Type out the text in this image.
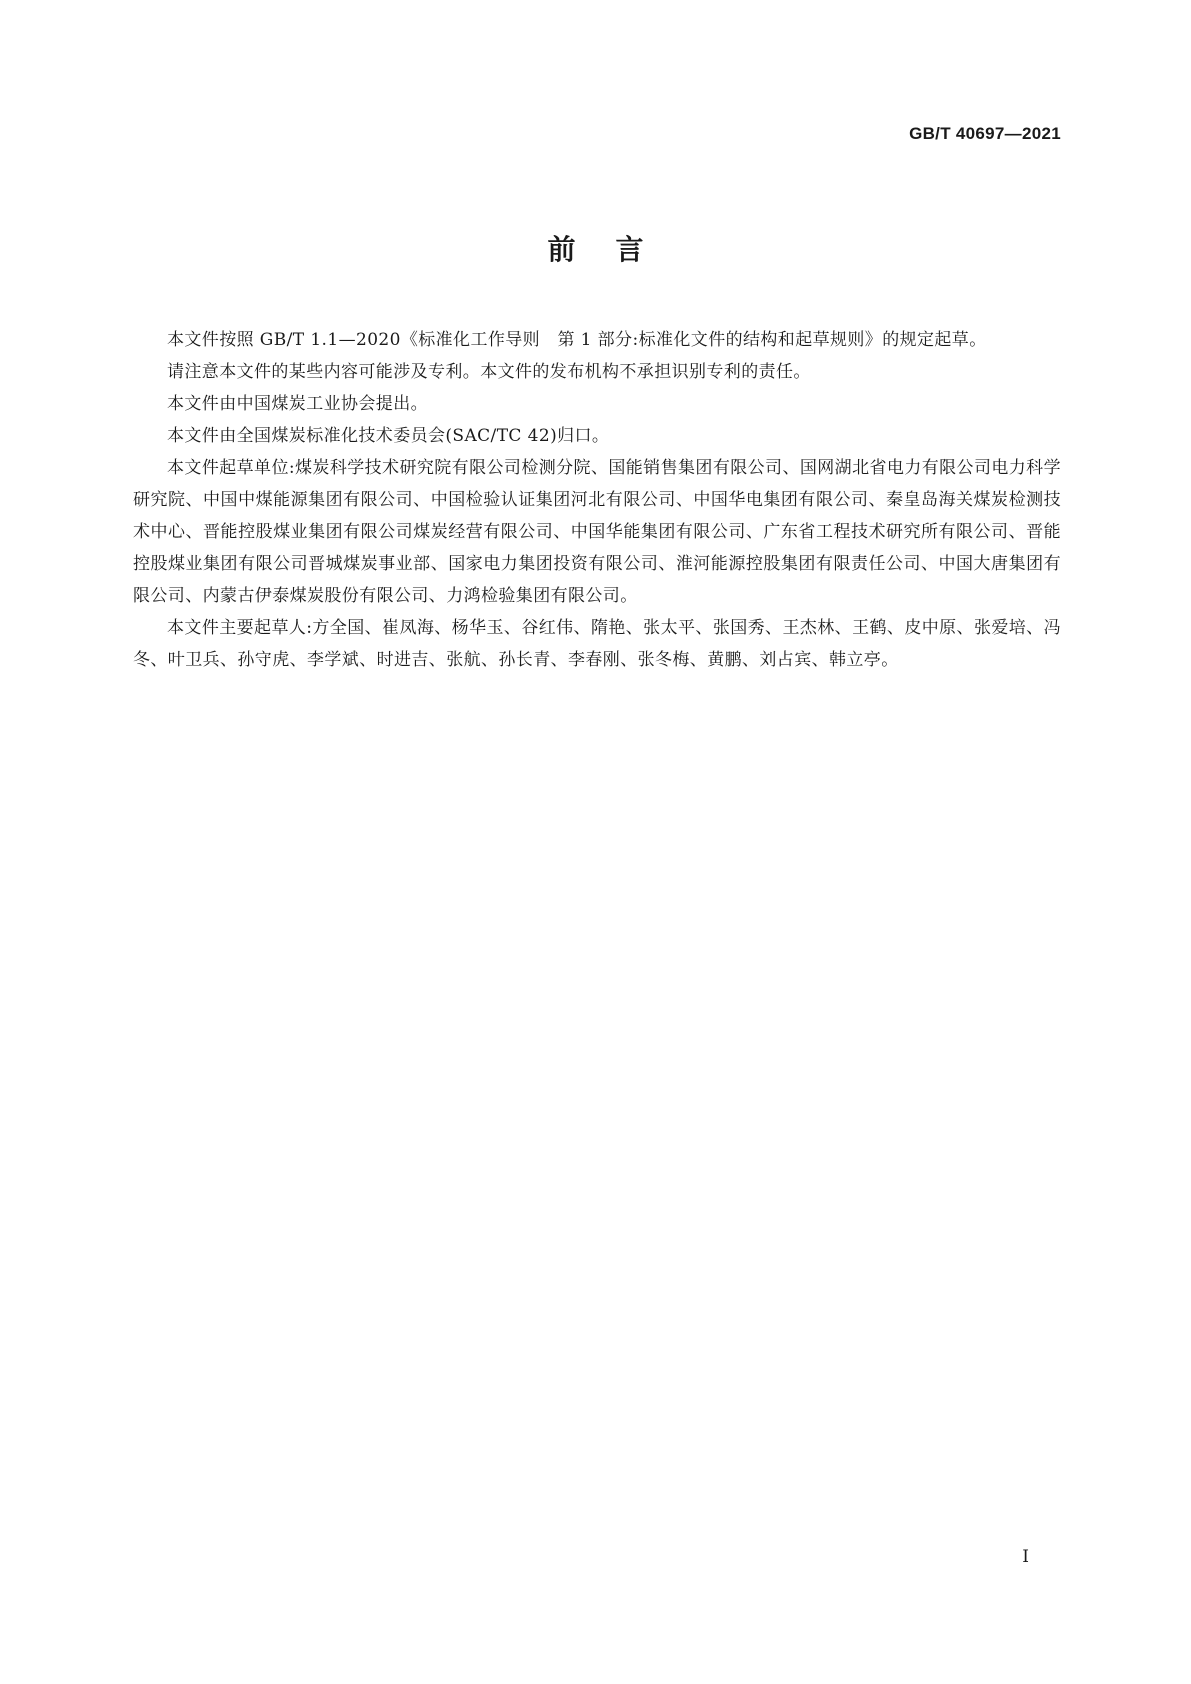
GB/T 40697—2021
前言

本文件按照 GB/T 1.1—2020《标准化工作导则　第 1 部分:标准化文件的结构和起草规则》的规定起草。

请注意本文件的某些内容可能涉及专利。本文件的发布机构不承担识别专利的责任。

本文件由中国煤炭工业协会提出。

本文件由全国煤炭标准化技术委员会(SAC/TC 42)归口。

本文件起草单位:煤炭科学技术研究院有限公司检测分院、国能销售集团有限公司、国网湖北省电力有限公司电力科学研究院、中国中煤能源集团有限公司、中国检验认证集团河北有限公司、中国华电集团有限公司、秦皇岛海关煤炭检测技术中心、晋能控股煤业集团有限公司煤炭经营有限公司、中国华能集团有限公司、广东省工程技术研究所有限公司、晋能控股煤业集团有限公司晋城煤炭事业部、国家电力集团投资有限公司、淮河能源控股集团有限责任公司、中国大唐集团有限公司、内蒙古伊泰煤炭股份有限公司、力鸿检验集团有限公司。

本文件主要起草人:方全国、崔凤海、杨华玉、谷红伟、隋艳、张太平、张国秀、王杰林、王鹤、皮中原、张爱培、冯冬、叶卫兵、孙守虎、李学斌、时进吉、张航、孙长青、李春刚、张冬梅、黄鹏、刘占宾、韩立亭。

I
